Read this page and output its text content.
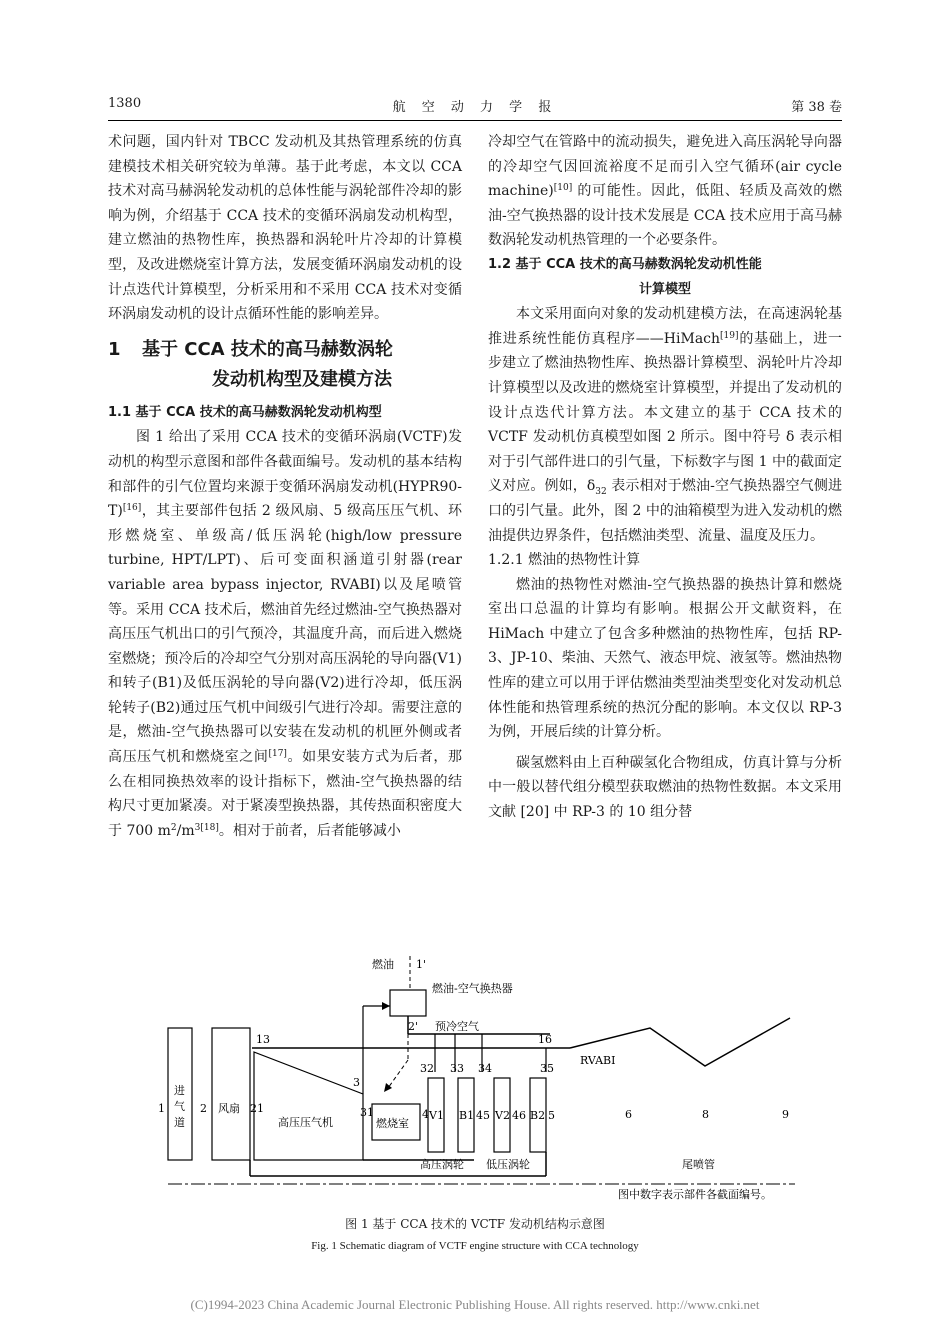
1380	航 空 动 力 学 报	第 38 卷

术问题，国内针对 TBCC 发动机及其热管理系统的仿真建模技术相关研究较为单薄。基于此考虑，本文以 CCA 技术对高马赫涡轮发动机的总体性能与涡轮部件冷却的影响为例，介绍基于 CCA 技术的变循环涡扇发动机构型，建立燃油的热物性库，换热器和涡轮叶片冷却的计算模型，及改进燃烧室计算方法，发展变循环涡扇发动机的设计点迭代计算模型，分析采用和不采用 CCA 技术对变循环涡扇发动机的设计点循环性能的影响差异。

1 基于 CCA 技术的高马赫数涡轮
发动机构型及建模方法
1.1 基于 CCA 技术的高马赫数涡轮发动机构型

图 1 给出了采用 CCA 技术的变循环涡扇(VCTF)发动机的构型示意图和部件各截面编号。发动机的基本结构和部件的引气位置均来源于变循环涡扇发动机(HYPR90-T)[16]，其主要部件包括 2 级风扇、5 级高压压气机、环形燃烧室、单级高/低压涡轮(high/low pressure turbine, HPT/LPT)、后可变面积涵道引射器(rear variable area bypass injector, RVABI)以及尾喷管等。采用 CCA 技术后，燃油首先经过燃油-空气换热器对高压压气机出口的引气预冷，其温度升高，而后进入燃烧室燃烧；预冷后的冷却空气分别对高压涡轮的导向器(V1)和转子(B1)及低压涡轮的导向器(V2)进行冷却，低压涡轮转子(B2)通过压气机中间级引气进行冷却。需要注意的是，燃油-空气换热器可以安装在发动机的机匣外侧或者高压压气机和燃烧室之间[17]。如果安装方式为后者，那么在相同换热效率的设计指标下，燃油-空气换热器的结构尺寸更加紧凑。对于紧凑型换热器，其传热面积密度大于 700 $m^2/m^{3[18]}$。相对于前者，后者能够减小

冷却空气在管路中的流动损失，避免进入高压涡轮导向器的冷却空气因回流裕度不足而引入空气循环(air cycle machine)[10] 的可能性。因此，低阻、轻质及高效的燃油-空气换热器的设计技术发展是 CCA 技术应用于高马赫数涡轮发动机热管理的一个必要条件。

1.2 基于 CCA 技术的高马赫数涡轮发动机性能
计算模型

本文采用面向对象的发动机建模方法，在高速涡轮基推进系统性能仿真程序——HiMach[19]的基础上，进一步建立了燃油热物性库、换热器计算模型、涡轮叶片冷却计算模型以及改进的燃烧室计算模型，并提出了发动机的设计点迭代计算方法。本文建立的基于 CCA 技术的 VCTF 发动机仿真模型如图 2 所示。图中符号 δ 表示相对于引气部件进口的引气量，下标数字与图 1 中的截面定义对应。例如，$\delta_{32}$ 表示相对于燃油-空气换热器空气侧进口的引气量。此外，图 2 中的油箱模型为进入发动机的燃油提供边界条件，包括燃油类型、流量、温度及压力。

1.2.1 燃油的热物性计算

燃油的热物性对燃油-空气换热器的换热计算和燃烧室出口总温的计算均有影响。根据公开文献资料，在 HiMach 中建立了包含多种燃油的热物性库，包括 RP-3、JP-10、柴油、天然气、液态甲烷、液氢等。燃油热物性库的建立可以用于评估燃油类型油类型变化对发动机总体性能和热管理系统的热沉分配的影响。本文仅以 RP-3 为例，开展后续的计算分析。

碳氢燃料由上百种碳氢化合物组成，仿真计算与分析中一般以替代组分模型获取燃油的热物性数据。本文采用文献 [20] 中 RP-3 的 10 组分替

燃油 1'
燃油-空气换热器
2' 预冷空气
13	16
RVABI
1
进
气
道
2 风扇 21
高压压气机
3
31
燃烧室
4
32
V1
33
B1 45
34
V2 46
35
B2 5	6	8	9
高压涡轮 低压涡轮	尾喷管
图中数字表示部件各截面编号。
图 1 基于 CCA 技术的 VCTF 发动机结构示意图
Fig. 1 Schematic diagram of VCTF engine structure with CCA technology
(C)1994-2023 China Academic Journal Electronic Publishing House. All rights reserved. http://www.cnki.net
